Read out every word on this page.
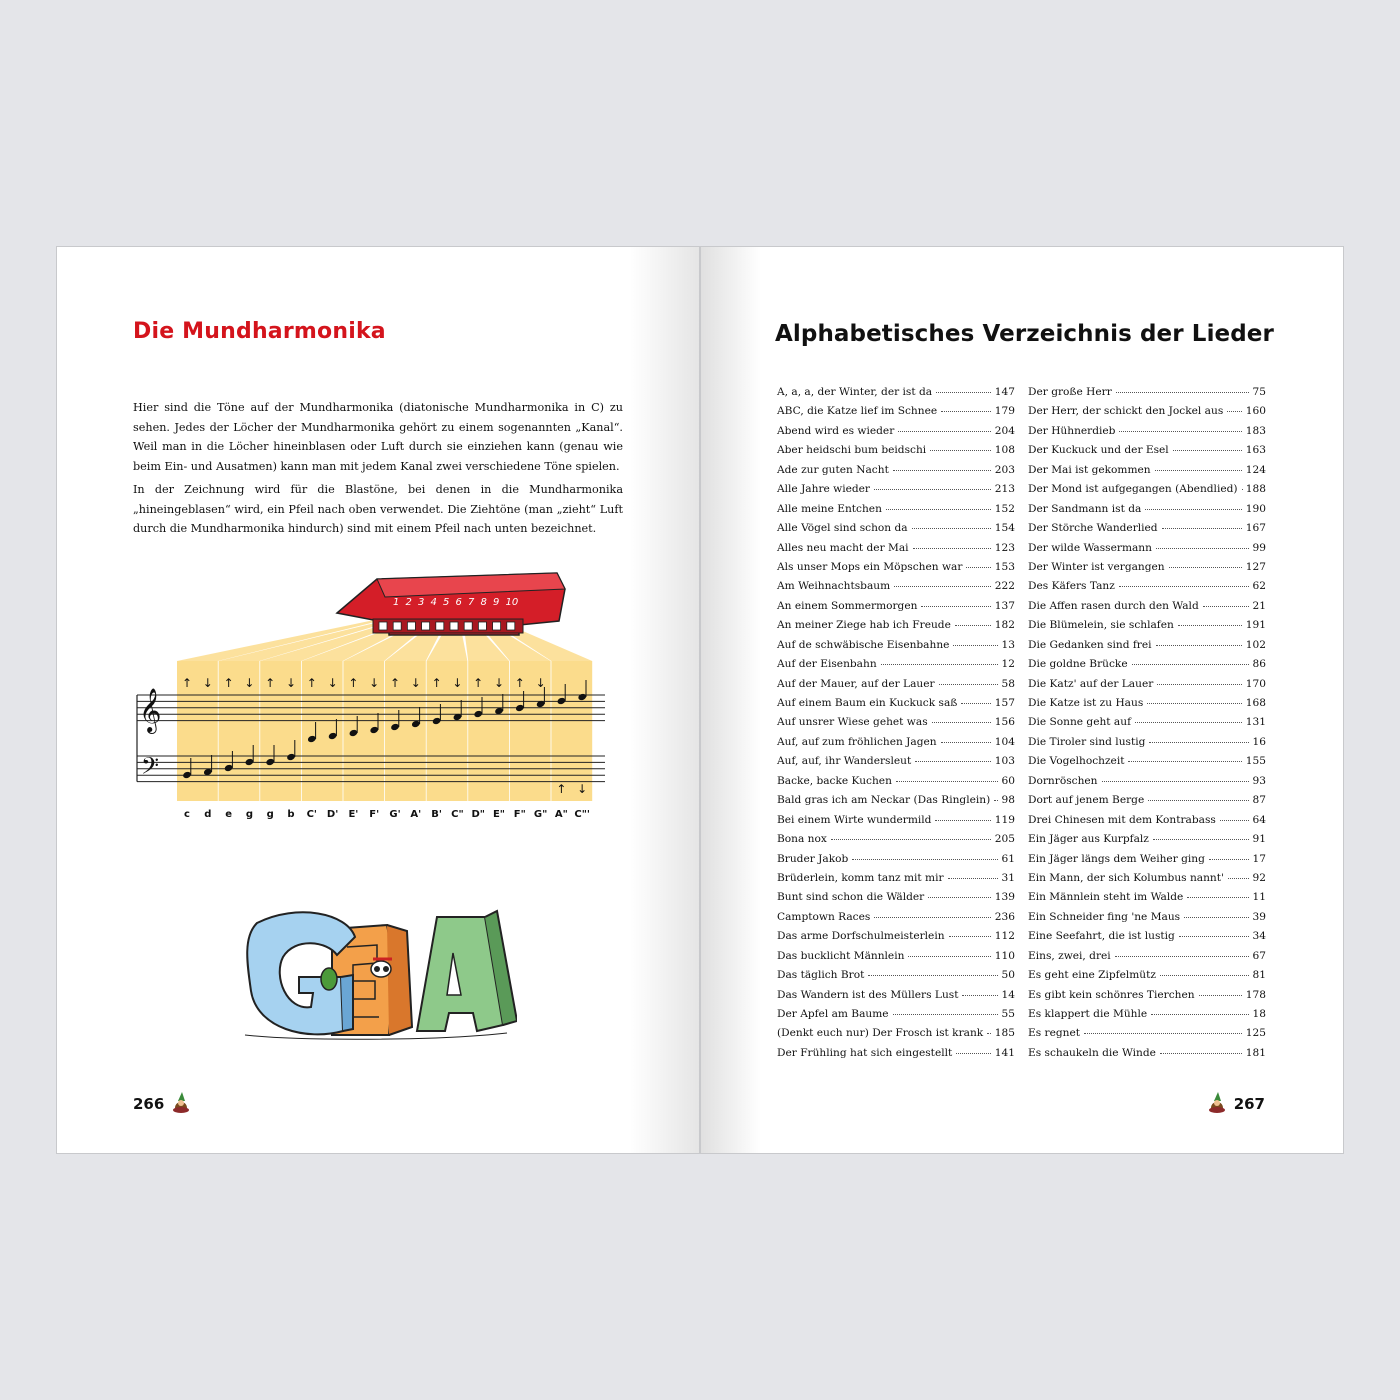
Die Mundharmonika

Hier sind die Töne auf der Mundharmonika (diatonische Mundharmonika in C) zu sehen. Jedes der Löcher der Mundharmonika gehört zu einem sogenannten „Kanal“. Weil man in die Löcher hineinblasen oder Luft durch sie einziehen kann (genau wie beim Ein- und Ausatmen) kann man mit jedem Kanal zwei verschiedene Töne spielen.

In der Zeichnung wird für die Blastöne, bei denen in die Mundharmonika „hineingeblasen“ wird, ein Pfeil nach oben verwendet. Die Ziehtöne (man „zieht“ Luft durch die Mundharmonika hindurch) sind mit einem Pfeil nach unten bezeichnet.

𝄞
𝄢
↑ ↓ ↑ ↓ ↑ ↓ ↑ ↓ ↑ ↓ ↑ ↓ ↑ ↓ ↑ ↓ ↑ ↓
↑ ↓
1 2 3 4 5 6 7 8 9 10
c d e g g b C' D' E' F' G' A' B' C" D" E" F" G" A" C"'
266
Alphabetisches Verzeichnis der Lieder
A, a, a, der Winter, der ist da	147
ABC, die Katze lief im Schnee	179
Abend wird es wieder	204
Aber heidschi bum beidschi	108
Ade zur guten Nacht	203
Alle Jahre wieder	213
Alle meine Entchen	152
Alle Vögel sind schon da	154
Alles neu macht der Mai	123
Als unser Mops ein Möpschen war	153
Am Weihnachtsbaum	222
An einem Sommermorgen	137
An meiner Ziege hab ich Freude	182
Auf de schwäbische Eisenbahne	13
Auf der Eisenbahn	12
Auf der Mauer, auf der Lauer	58
Auf einem Baum ein Kuckuck saß	157
Auf unsrer Wiese gehet was	156
Auf, auf zum fröhlichen Jagen	104
Auf, auf, ihr Wandersleut	103
Backe, backe Kuchen	60
Bald gras ich am Neckar (Das Ringlein) 98
Bei einem Wirte wundermild	119
Bona nox	205
Bruder Jakob	61
Brüderlein, komm tanz mit mir	31
Bunt sind schon die Wälder	139
Camptown Races	236
Das arme Dorfschulmeisterlein	112
Das bucklicht Männlein	110
Das täglich Brot	50
Das Wandern ist des Müllers Lust	14
Der Apfel am Baume	55
(Denkt euch nur) Der Frosch ist krank 185
Der Frühling hat sich eingestellt	141
Der große Herr	75
Der Herr, der schickt den Jockel aus 160
Der Hühnerdieb	183
Der Kuckuck und der Esel	163
Der Mai ist gekommen	124
Der Mond ist aufgegangen (Abendlied) 188
Der Sandmann ist da	190
Der Störche Wanderlied	167
Der wilde Wassermann	99
Der Winter ist vergangen	127
Des Käfers Tanz	62
Die Affen rasen durch den Wald	21
Die Blümelein, sie schlafen	191
Die Gedanken sind frei	102
Die goldne Brücke	86
Die Katz' auf der Lauer	170
Die Katze ist zu Haus	168
Die Sonne geht auf	131
Die Tiroler sind lustig	16
Die Vogelhochzeit	155
Dornröschen	93
Dort auf jenem Berge	87
Drei Chinesen mit dem Kontrabass	64
Ein Jäger aus Kurpfalz	91
Ein Jäger längs dem Weiher ging	17
Ein Mann, der sich Kolumbus nannt'	92
Ein Männlein steht im Walde	11
Ein Schneider fing 'ne Maus	39
Eine Seefahrt, die ist lustig	34
Eins, zwei, drei	67
Es geht eine Zipfelmütz	81
Es gibt kein schönres Tierchen	178
Es klappert die Mühle	18
Es regnet	125
Es schaukeln die Winde	181
267
